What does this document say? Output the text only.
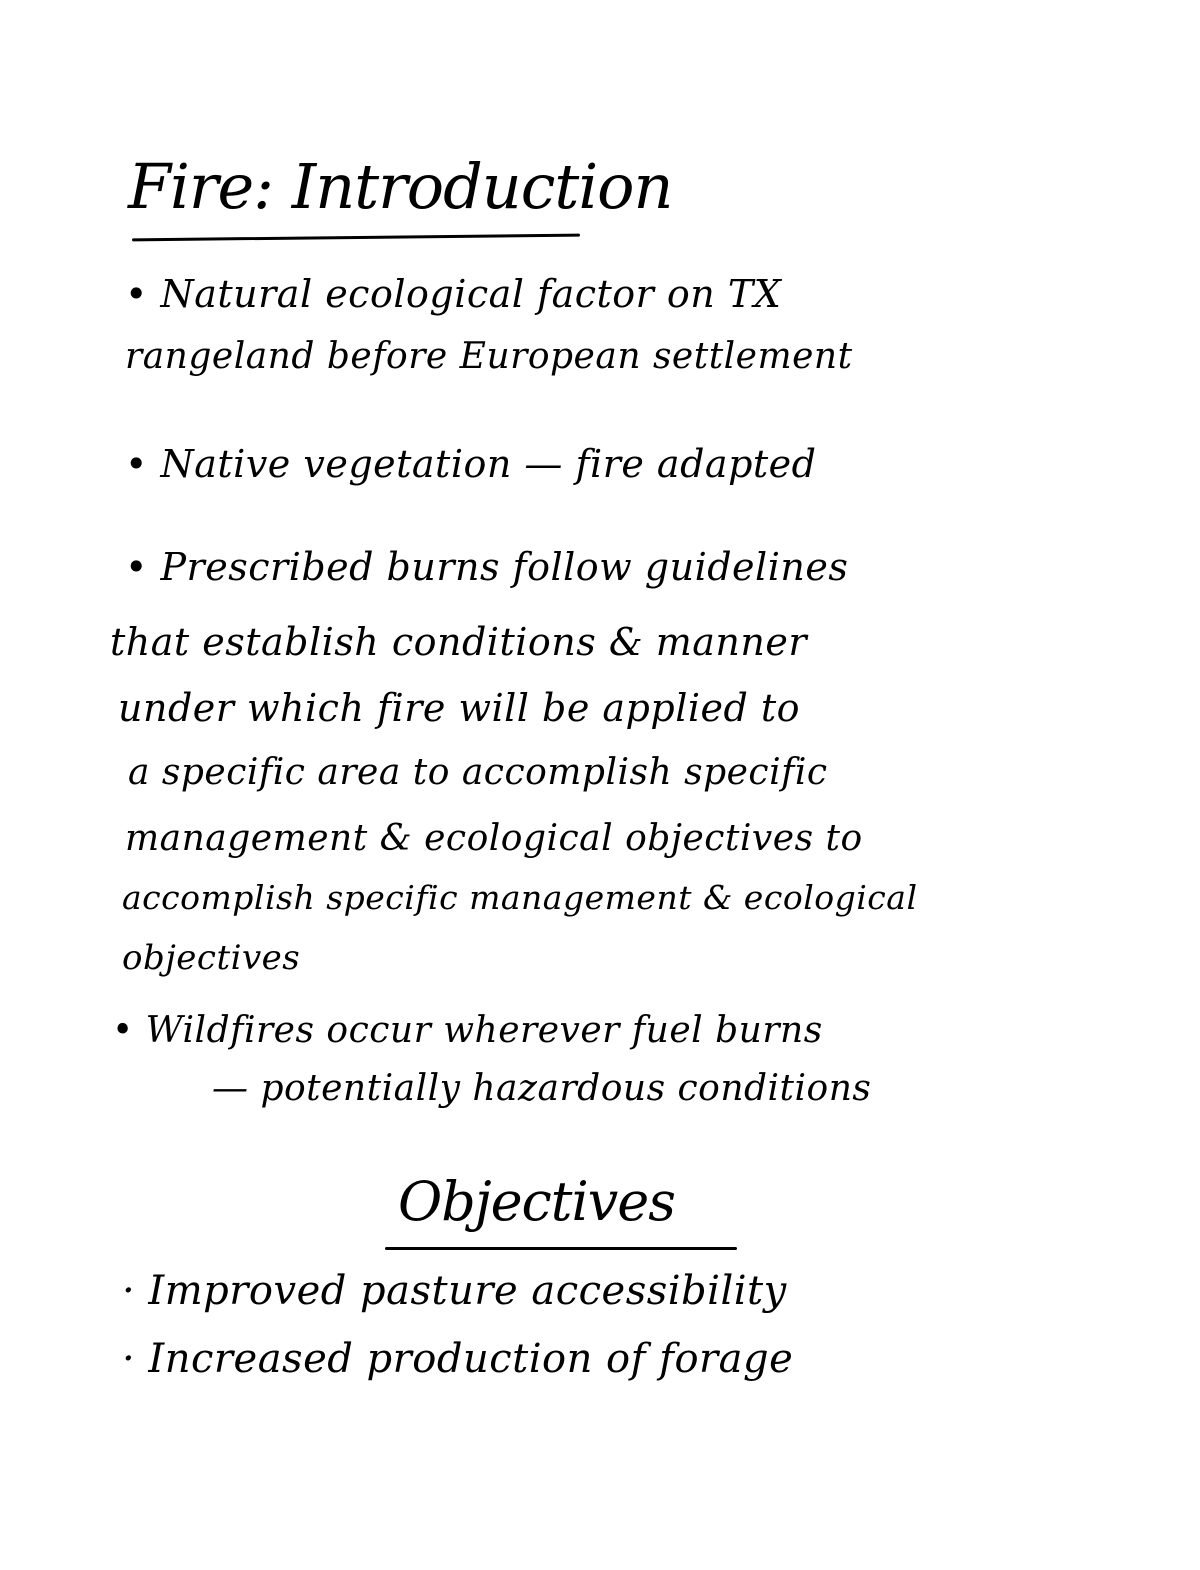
Fire: Introduction
• Natural ecological factor on TX
rangeland before European settlement
• Native vegetation — fire adapted
• Prescribed burns follow guidelines
that establish conditions & manner
under which fire will be applied to
a specific area to accomplish specific
management & ecological objectives to
accomplish specific management & ecological
objectives
• Wildfires occur wherever fuel burns
— potentially hazardous conditions
Objectives
· Improved pasture accessibility
· Increased production of forage
